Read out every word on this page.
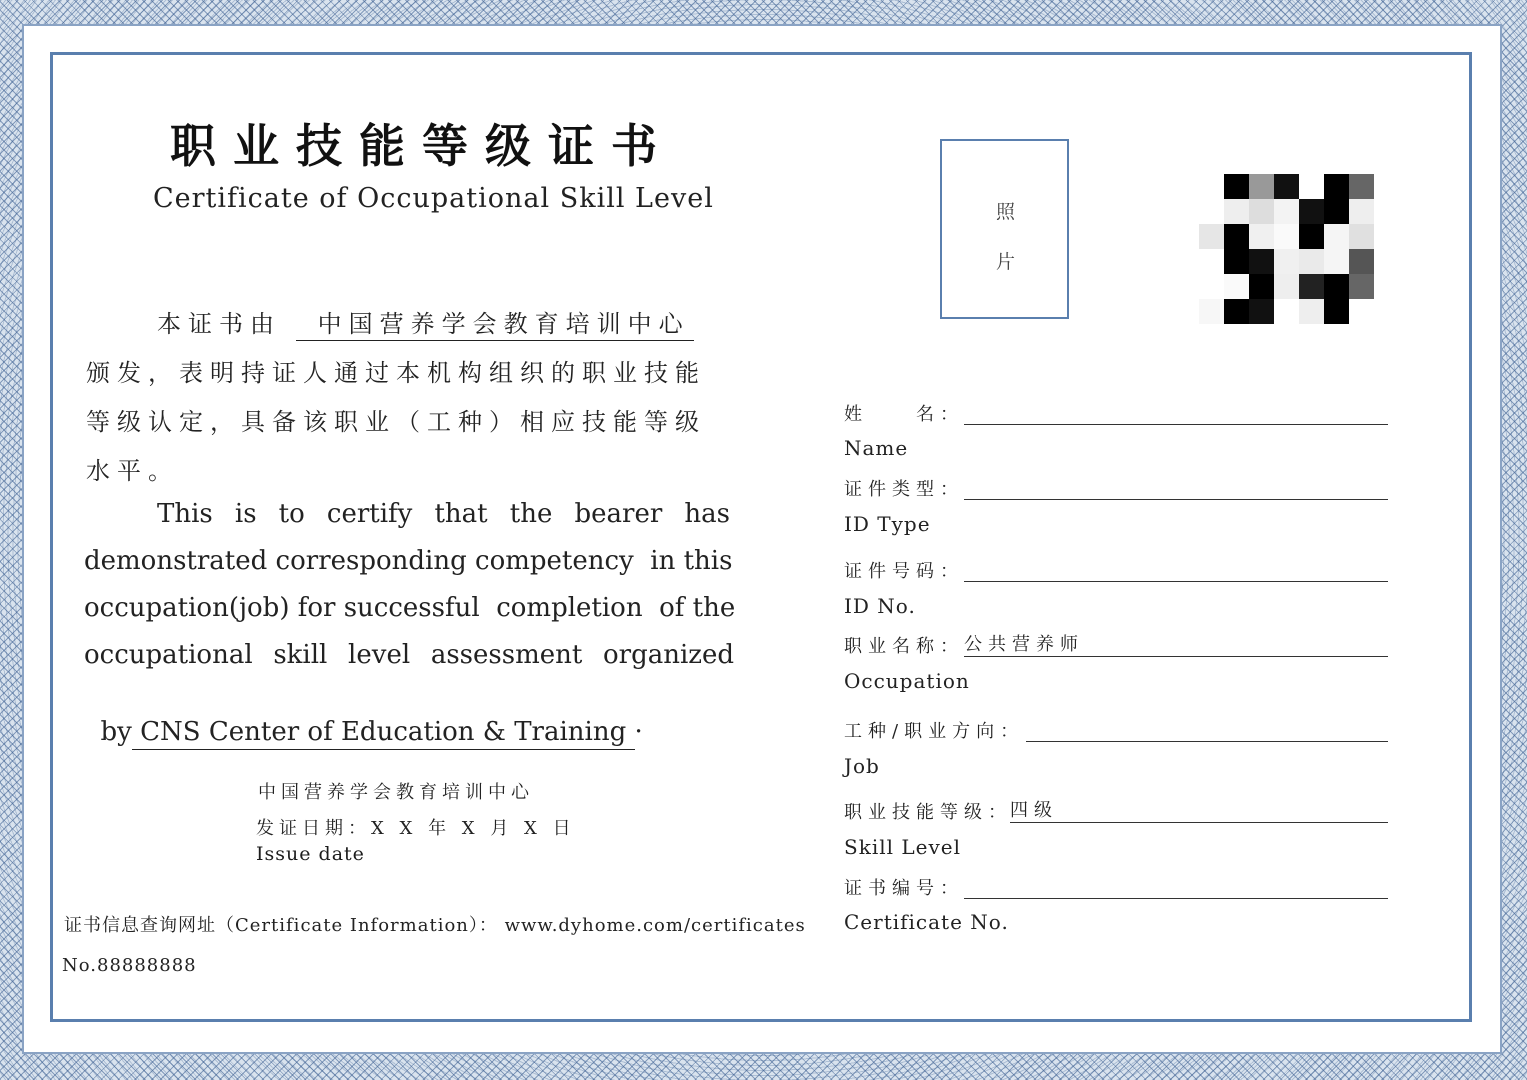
职业技能等级证书
Certificate of Occupational Skill Level
本证书由 中国营养学会教育培训中心
颁发，表明持证人通过本机构组织的职业技能
等级认定，具备该职业（工种）相应技能等级
水平。
This is to certify that the bearer has
demonstrated corresponding competency  in this
occupation(job) for successful  completion  of the
occupational skill level assessment organized

by CNS Center of Education & Training ·

中国营养学会教育培训中心
发证日期：X X 年 X 月 X 日
Issue date
证书信息查询网址（Certificate Information）： www.dyhome.com/certificates
No.88888888
照
片
姓　　名：
Name
证件类型：
ID Type
证件号码：
ID No.
职业名称： 公共营养师
Occupation
工种/职业方向：
Job
职业技能等级：
四级
Skill Level
证书编号：
Certificate No.
